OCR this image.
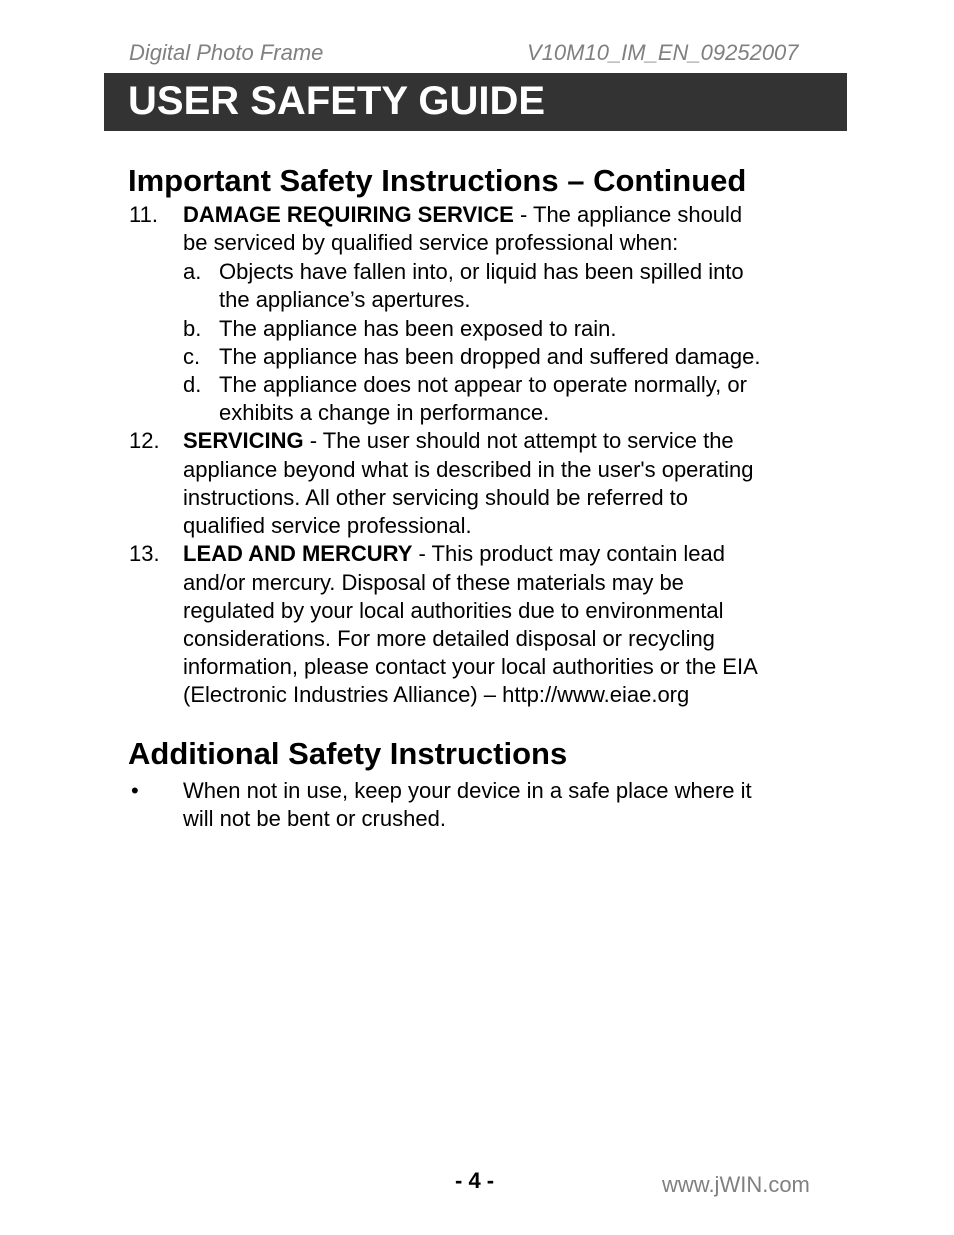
Digital Photo Frame	V10M10_IM_EN_09252007
USER SAFETY GUIDE
Important Safety Instructions – Continued
11. DAMAGE REQUIRING SERVICE - The appliance should
be serviced by qualified service professional when:
a. Objects have fallen into, or liquid has been spilled into
the appliance’s apertures.
b. The appliance has been exposed to rain.
c. The appliance has been dropped and suffered damage.
d. The appliance does not appear to operate normally, or
exhibits a change in performance.
12. SERVICING - The user should not attempt to service the
appliance beyond what is described in the user's operating
instructions. All other servicing should be referred to
qualified service professional.
13. LEAD AND MERCURY - This product may contain lead
and/or mercury. Disposal of these materials may be
regulated by your local authorities due to environmental
considerations. For more detailed disposal or recycling
information, please contact your local authorities or the EIA
(Electronic Industries Alliance) – http://www.eiae.org
Additional Safety Instructions
• When not in use, keep your device in a safe place where it
will not be bent or crushed.
- 4 -	www.jWIN.com
